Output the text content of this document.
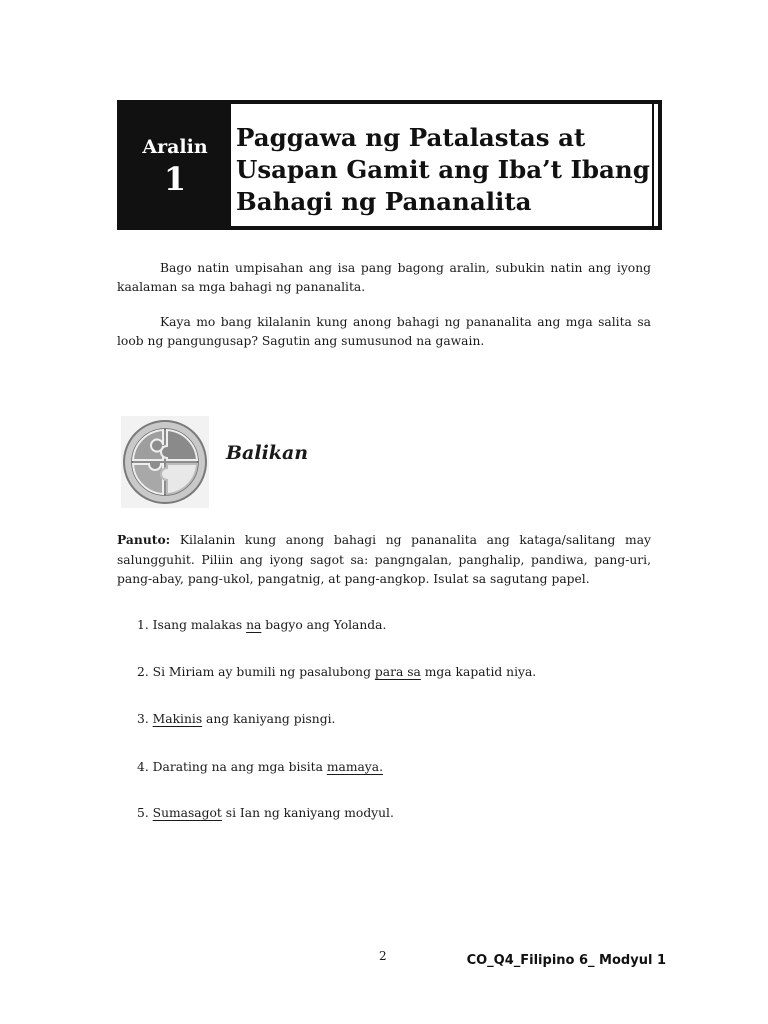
Aralin
1
Paggawa ng Patalastas at
Usapan Gamit ang Iba’t Ibang
Bahagi ng Pananalita

Bago natin umpisahan ang isa pang bagong aralin, subukin natin ang iyong kaalaman sa mga bahagi ng pananalita.

Kaya mo bang kilalanin kung anong bahagi ng pananalita ang mga salita sa loob ng pangungusap? Sagutin ang sumusunod na gawain.

Balikan

Panuto: Kilalanin kung anong bahagi ng pananalita ang kataga/salitang may salungguhit. Piliin ang iyong sagot sa: pangngalan, panghalip, pandiwa, pang-uri, pang-abay, pang-ukol, pangatnig, at pang-angkop. Isulat sa sagutang papel.

1. Isang malakas na bagyo ang Yolanda.
2. Si Miriam ay bumili ng pasalubong para sa mga kapatid niya.
3. Makinis ang kaniyang pisngi.
4. Darating na ang mga bisita mamaya.
5. Sumasagot si Ian ng kaniyang modyul.
2	CO_Q4_Filipino 6_ Modyul 1
